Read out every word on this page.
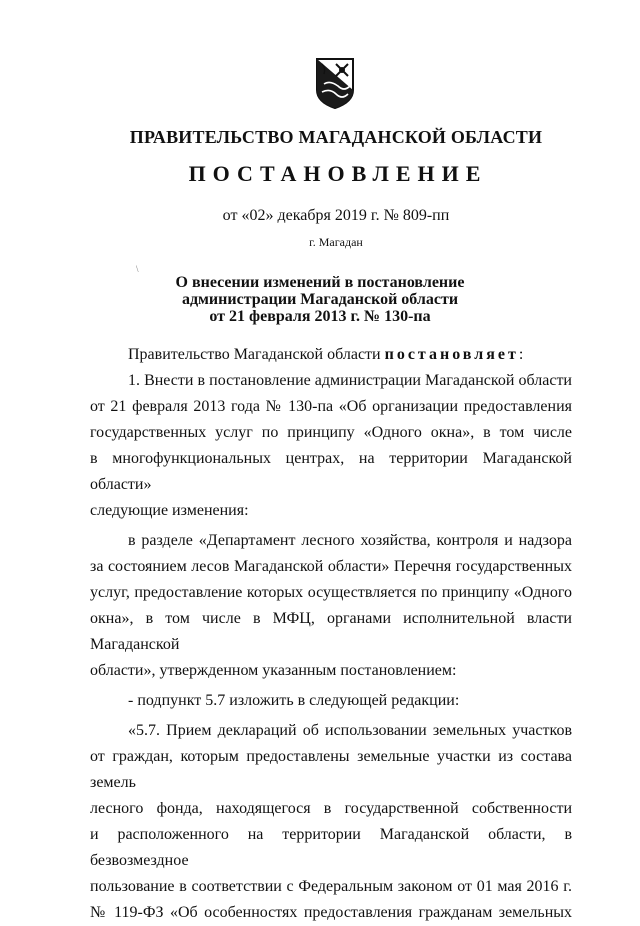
ПРАВИТЕЛЬСТВО МАГАДАНСКОЙ ОБЛАСТИ
ПОСТАНОВЛЕНИЕ
от «02» декабря 2019 г. № 809-пп
г. Магадан
\
О внесении изменений в постановление
администрации Магаданской области
от 21 февраля 2013 г. № 130-па
Правительство Магаданской области постановляет:
1. Внести в постановление администрации Магаданской области
от 21 февраля 2013 года № 130-па «Об организации предоставления
государственных услуг по принципу «Одного окна», в том числе
в многофункциональных центрах, на территории Магаданской области»
следующие изменения:
в разделе «Департамент лесного хозяйства, контроля и надзора
за состоянием лесов Магаданской области» Перечня государственных
услуг, предоставление которых осуществляется по принципу «Одного
окна», в том числе в МФЦ, органами исполнительной власти Магаданской
области», утвержденном указанным постановлением:
- подпункт 5.7 изложить в следующей редакции:
«5.7. Прием деклараций об использовании земельных участков
от граждан, которым предоставлены земельные участки из состава земель
лесного фонда, находящегося в государственной собственности
и расположенного на территории Магаданской области, в безвозмездное
пользование в соответствии с Федеральным законом от 01 мая 2016 г.
№ 119-ФЗ «Об особенностях предоставления гражданам земельных
